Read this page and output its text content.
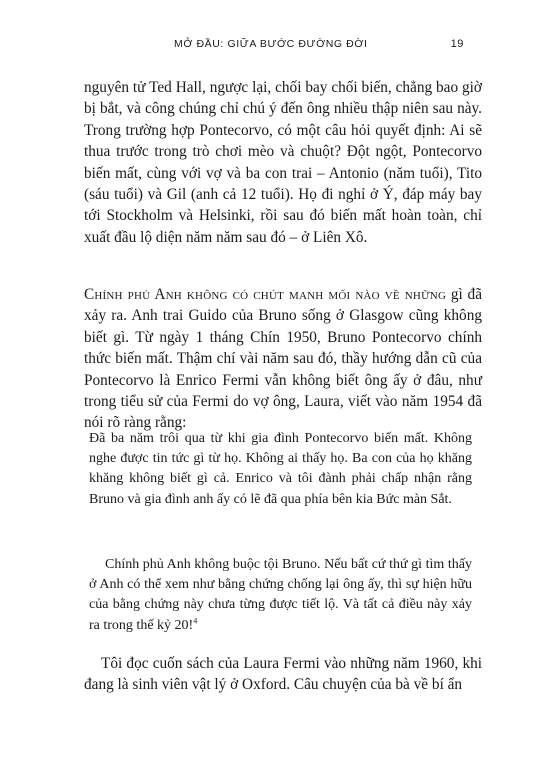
MỞ ĐẦU: GIỮA BƯỚC ĐƯỜNG ĐỜI	19
nguyên tử Ted Hall, ngược lại, chối bay chối biến, chẳng bao giờ bị bắt, và công chúng chỉ chú ý đến ông nhiều thập niên sau này. Trong trường hợp Pontecorvo, có một câu hỏi quyết định: Ai sẽ thua trước trong trò chơi mèo và chuột? Đột ngột, Pontecorvo biến mất, cùng với vợ và ba con trai – Antonio (năm tuổi), Tito (sáu tuổi) và Gil (anh cả 12 tuổi). Họ đi nghỉ ở Ý, đáp máy bay tới Stockholm và Helsinki, rồi sau đó biến mất hoàn toàn, chỉ xuất đầu lộ diện năm năm sau đó – ở Liên Xô.
Chính phủ Anh không có chút manh mối nào về những gì đã xảy ra. Anh trai Guido của Bruno sống ở Glasgow cũng không biết gì. Từ ngày 1 tháng Chín 1950, Bruno Pontecorvo chính thức biến mất. Thậm chí vài năm sau đó, thầy hướng dẫn cũ của Pontecorvo là Enrico Fermi vẫn không biết ông ấy ở đâu, như trong tiểu sử của Fermi do vợ ông, Laura, viết vào năm 1954 đã nói rõ ràng rằng:
Đã ba năm trôi qua từ khi gia đình Pontecorvo biến mất. Không nghe được tin tức gì từ họ. Không ai thấy họ. Ba con của họ khăng khăng không biết gì cả. Enrico và tôi đành phải chấp nhận rằng Bruno và gia đình anh ấy có lẽ đã qua phía bên kia Bức màn Sắt.
Chính phủ Anh không buộc tội Bruno. Nếu bất cứ thứ gì tìm thấy ở Anh có thể xem như bằng chứng chống lại ông ấy, thì sự hiện hữu của bằng chứng này chưa từng được tiết lộ. Và tất cả điều này xảy ra trong thế kỷ 20!$^4$
Tôi đọc cuốn sách của Laura Fermi vào những năm 1960, khi đang là sinh viên vật lý ở Oxford. Câu chuyện của bà về bí ẩn
